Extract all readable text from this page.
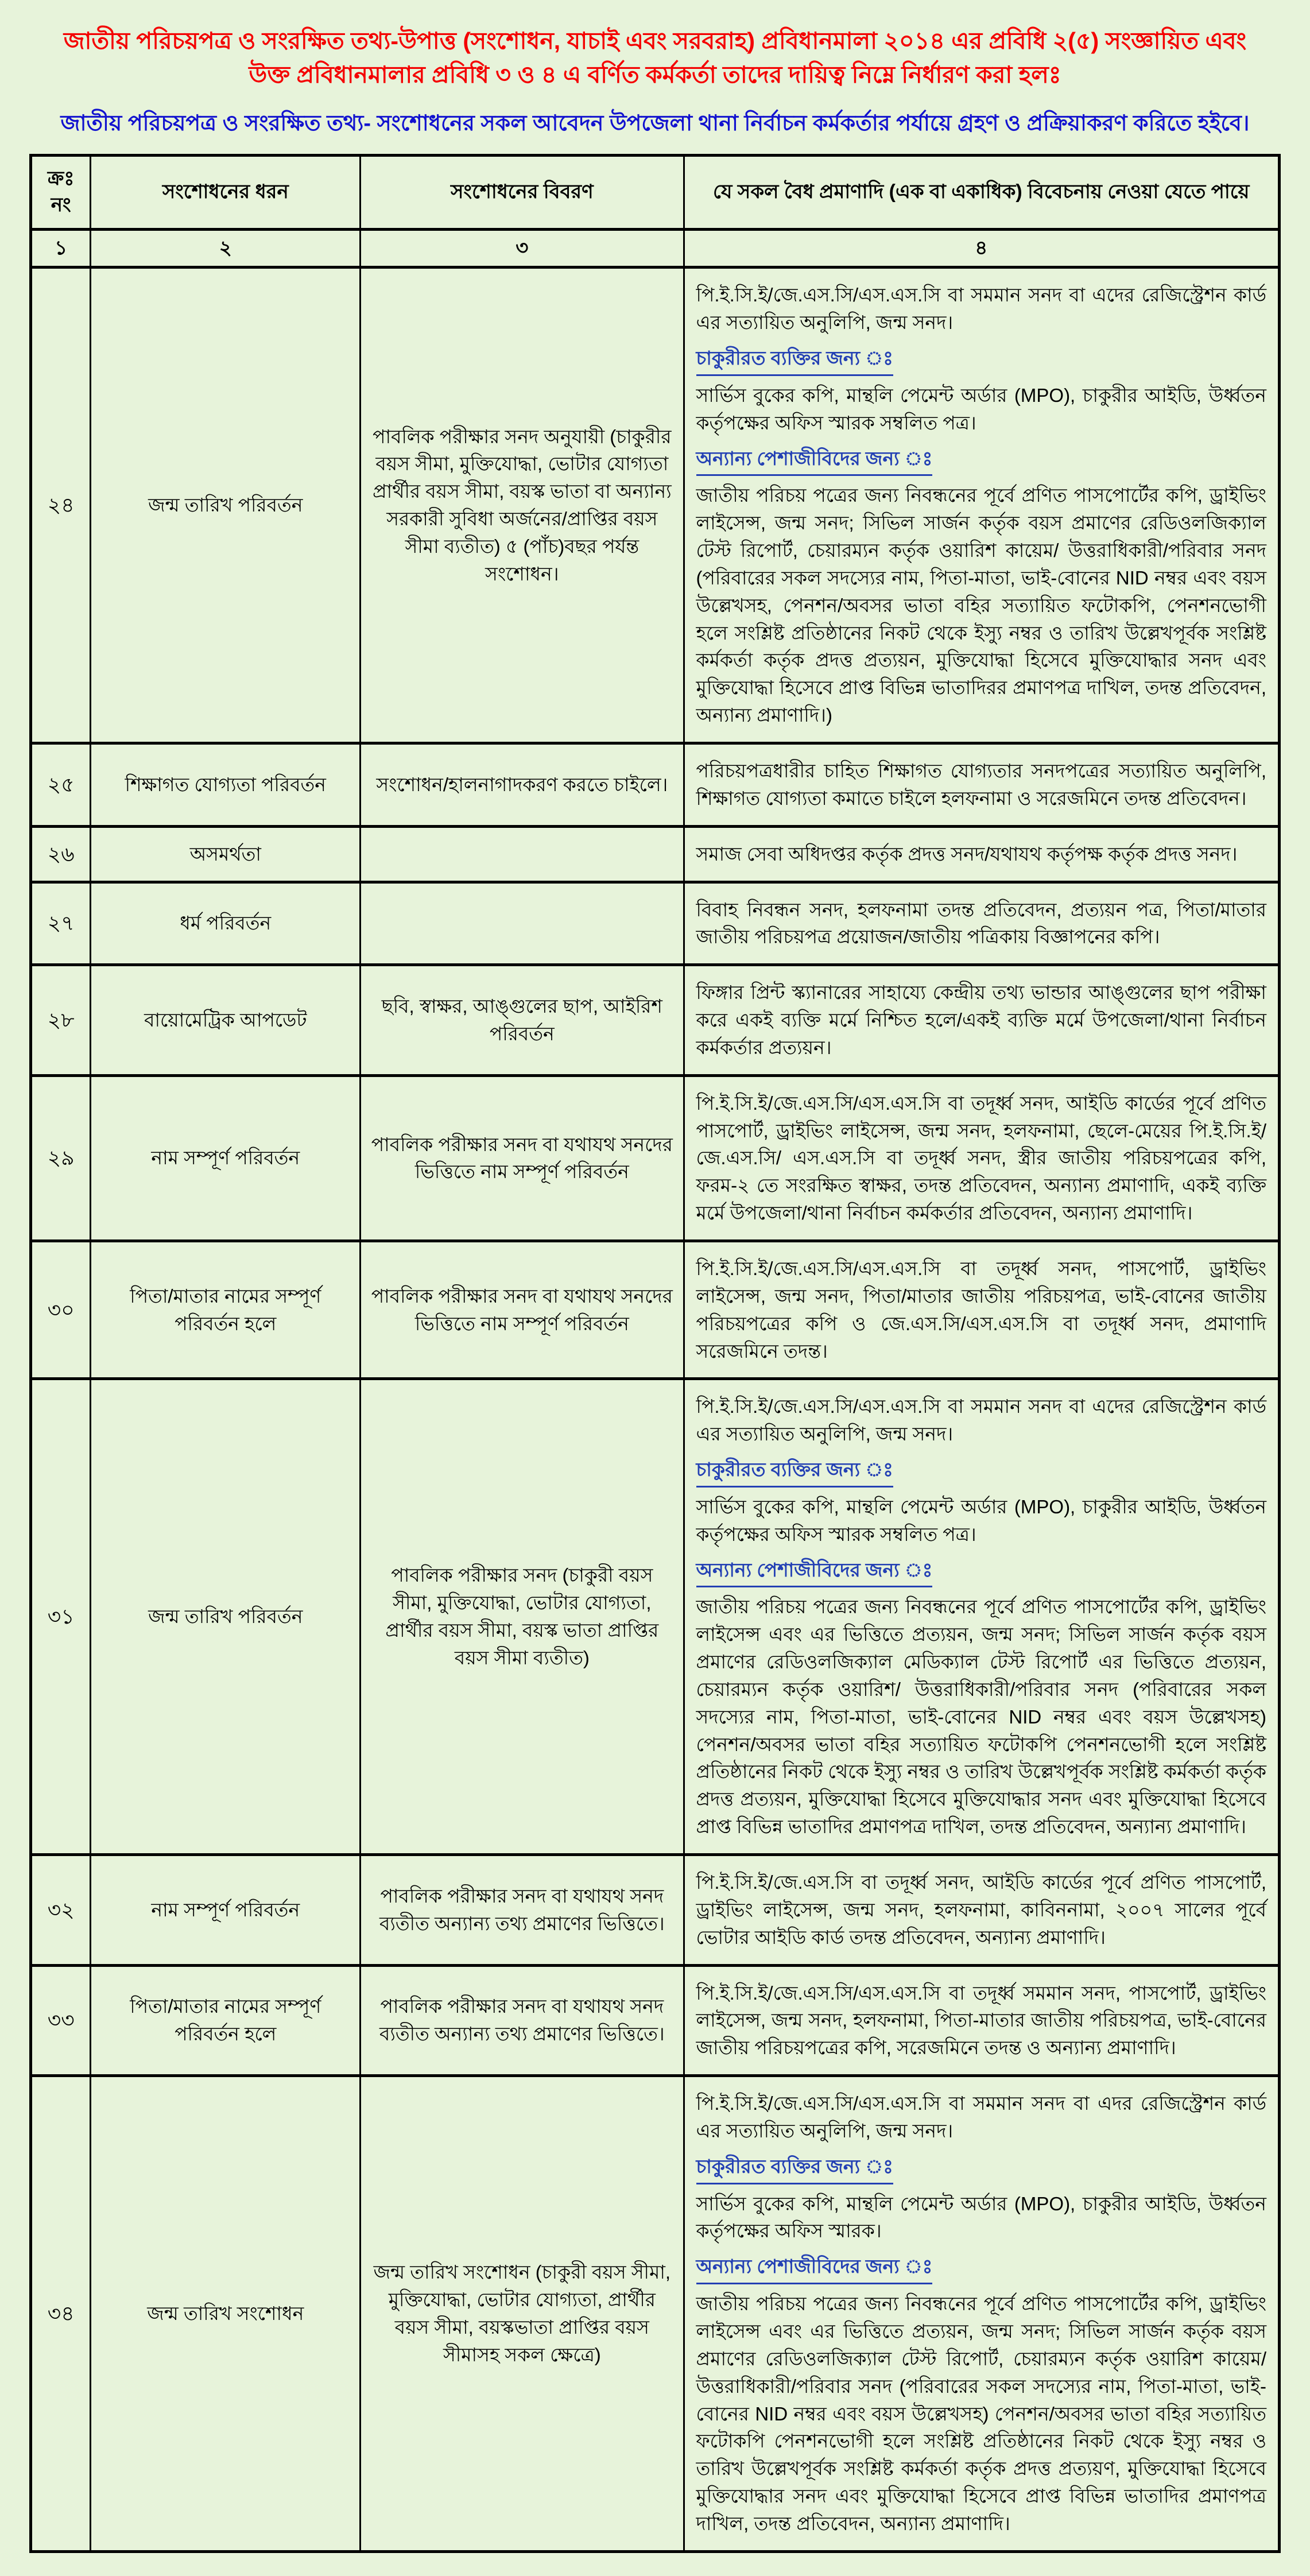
জাতীয় পরিচয়পত্র ও সংরক্ষিত তথ্য-উপাত্ত (সংশোধন, যাচাই এবং সরবরাহ) প্রবিধানমালা ২০১৪ এর প্রবিধি ২(৫) সংজ্ঞায়িত এবং
উক্ত প্রবিধানমালার প্রবিধি ৩ ও ৪ এ বর্ণিত কর্মকর্তা তাদের দায়িত্ব নিম্নে নির্ধারণ করা হলঃ
জাতীয় পরিচয়পত্র ও সংরক্ষিত তথ্য- সংশোধনের সকল আবেদন উপজেলা থানা নির্বাচন কর্মকর্তার পর্যায়ে গ্রহণ ও প্রক্রিয়াকরণ করিতে হইবে।
ক্রঃ নং	সংশোধনের ধরন	সংশোধনের বিবরণ	যে সকল বৈধ প্রমাণাদি (এক বা একাধিক) বিবেচনায় নেওয়া যেতে পায়ে
১	২	৩	৪
২৪	জন্ম তারিখ পরিবর্তন	পাবলিক পরীক্ষার সনদ অনুযায়ী (চাকুরীর বয়স সীমা, মুক্তিযোদ্ধা, ভোটার যোগ্যতা প্রার্থীর বয়স সীমা, বয়স্ক ভাতা বা অন্যান্য সরকারী সুবিধা অর্জনের/প্রাপ্তির বয়স সীমা ব্যতীত) ৫ (পাঁচ)বছর পর্যন্ত সংশোধন।	পি.ই.সি.ই/জে.এস.সি/এস.এস.সি বা সমমান সনদ বা এদের রেজিস্ট্রেশন কার্ড এর সত্যায়িত অনুলিপি, জন্ম সনদ।
চাকুরীরত ব্যক্তির জন্য ঃ
সার্ভিস বুকের কপি, মান্থলি পেমেন্ট অর্ডার (MPO), চাকুরীর আইডি, উর্ধ্বতন কর্তৃপক্ষের অফিস স্মারক সম্বলিত পত্র।
অন্যান্য পেশাজীবিদের জন্য ঃ
জাতীয় পরিচয় পত্রের জন্য নিবন্ধনের পূর্বে প্রণিত পাসপোর্টের কপি, ড্রাইভিং লাইসেন্স, জন্ম সনদ; সিভিল সার্জন কর্তৃক বয়স প্রমাণের রেডিওলজিক্যাল টেস্ট রিপোর্ট, চেয়ারম্যন কর্তৃক ওয়ারিশ কায়েম/ উত্তরাধিকারী/পরিবার সনদ (পরিবারের সকল সদস্যের নাম, পিতা-মাতা, ভাই-বোনের NID নম্বর এবং বয়স উল্লেখসহ, পেনশন/অবসর ভাতা বহির সত্যায়িত ফটোকপি, পেনশনভোগী হলে সংশ্লিষ্ট প্রতিষ্ঠানের নিকট থেকে ইস্যু নম্বর ও তারিখ উল্লেখপূর্বক সংশ্লিষ্ট কর্মকর্তা কর্তৃক প্রদত্ত প্রত্যয়ন, মুক্তিযোদ্ধা হিসেবে মুক্তিযোদ্ধার সনদ এবং মুক্তিযোদ্ধা হিসেবে প্রাপ্ত বিভিন্ন ভাতাদিরর প্রমাণপত্র দাখিল, তদন্ত প্রতিবেদন, অন্যান্য প্রমাণাদি।)

২৫	শিক্ষাগত যোগ্যতা পরিবর্তন	সংশোধন/হালনাগাদকরণ করতে চাইলে।	পরিচয়পত্রধারীর চাহিত শিক্ষাগত যোগ্যতার সনদপত্রের সত্যায়িত অনুলিপি, শিক্ষাগত যোগ্যতা কমাতে চাইলে হলফনামা ও সরেজমিনে তদন্ত প্রতিবেদন।

২৬	অসমর্থতা		সমাজ সেবা অধিদপ্তর কর্তৃক প্রদত্ত সনদ/যথাযথ কর্তৃপক্ষ কর্তৃক প্রদত্ত সনদ।

২৭	ধর্ম পরিবর্তন		বিবাহ নিবন্ধন সনদ, হলফনামা তদন্ত প্রতিবেদন, প্রত্যয়ন পত্র, পিতা/মাতার জাতীয় পরিচয়পত্র প্রয়োজন/জাতীয় পত্রিকায় বিজ্ঞাপনের কপি।

২৮	বায়োমেট্রিক আপডেট	ছবি, স্বাক্ষর, আঙ্গুলের ছাপ, আইরিশ পরিবর্তন	ফিঙ্গার প্রিন্ট স্ক্যানারের সাহায্যে কেন্দ্রীয় তথ্য ভান্ডার আঙ্গুলের ছাপ পরীক্ষা করে একই ব্যক্তি মর্মে নিশ্চিত হলে/একই ব্যক্তি মর্মে উপজেলা/থানা নির্বাচন কর্মকর্তার প্রত্যয়ন।

২৯	নাম সম্পূর্ণ পরিবর্তন	পাবলিক পরীক্ষার সনদ বা যথাযথ সনদের ভিত্তিতে নাম সম্পূর্ণ পরিবর্তন	পি.ই.সি.ই/জে.এস.সি/এস.এস.সি বা তদূর্ধ্ব সনদ, আইডি কার্ডের পূর্বে প্রণিত পাসপোর্ট, ড্রাইভিং লাইসেন্স, জন্ম সনদ, হলফনামা, ছেলে-মেয়ের পি.ই.সি.ই/ জে.এস.সি/ এস.এস.সি বা তদূর্ধ্ব সনদ, স্ত্রীর জাতীয় পরিচয়পত্রের কপি, ফরম-২ তে সংরক্ষিত স্বাক্ষর, তদন্ত প্রতিবেদন, অন্যান্য প্রমাণাদি, একই ব্যক্তি মর্মে উপজেলা/থানা নির্বাচন কর্মকর্তার প্রতিবেদন, অন্যান্য প্রমাণাদি।

৩০	পিতা/মাতার নামের সম্পূর্ণ পরিবর্তন হলে	পাবলিক পরীক্ষার সনদ বা যথাযথ সনদের ভিত্তিতে নাম সম্পূর্ণ পরিবর্তন	পি.ই.সি.ই/জে.এস.সি/এস.এস.সি বা তদূর্ধ্ব সনদ, পাসপোর্ট, ড্রাইভিং লাইসেন্স, জন্ম সনদ, পিতা/মাতার জাতীয় পরিচয়পত্র, ভাই-বোনের জাতীয় পরিচয়পত্রের কপি ও জে.এস.সি/এস.এস.সি বা তদূর্ধ্ব সনদ, প্রমাণাদি সরেজমিনে তদন্ত।

৩১	জন্ম তারিখ পরিবর্তন	পাবলিক পরীক্ষার সনদ (চাকুরী বয়স সীমা, মুক্তিযোদ্ধা, ভোটার যোগ্যতা, প্রার্থীর বয়স সীমা, বয়স্ক ভাতা প্রাপ্তির বয়স সীমা ব্যতীত)	পি.ই.সি.ই/জে.এস.সি/এস.এস.সি বা সমমান সনদ বা এদের রেজিস্ট্রেশন কার্ড এর সত্যায়িত অনুলিপি, জন্ম সনদ।
চাকুরীরত ব্যক্তির জন্য ঃ
সার্ভিস বুকের কপি, মান্থলি পেমেন্ট অর্ডার (MPO), চাকুরীর আইডি, উর্ধ্বতন কর্তৃপক্ষের অফিস স্মারক সম্বলিত পত্র।
অন্যান্য পেশাজীবিদের জন্য ঃ
জাতীয় পরিচয় পত্রের জন্য নিবন্ধনের পূর্বে প্রণিত পাসপোর্টের কপি, ড্রাইভিং লাইসেন্স এবং এর ভিত্তিতে প্রত্যয়ন, জন্ম সনদ; সিভিল সার্জন কর্তৃক বয়স প্রমাণের রেডিওলজিক্যাল মেডিক্যাল টেস্ট রিপোর্ট এর ভিত্তিতে প্রত্যয়ন, চেয়ারম্যন কর্তৃক ওয়ারিশ/ উত্তরাধিকারী/পরিবার সনদ (পরিবারের সকল সদস্যের নাম, পিতা-মাতা, ভাই-বোনের NID নম্বর এবং বয়স উল্লেখসহ) পেনশন/অবসর ভাতা বহির সত্যায়িত ফটোকপি পেনশনভোগী হলে সংশ্লিষ্ট প্রতিষ্ঠানের নিকট থেকে ইস্যু নম্বর ও তারিখ উল্লেখপূর্বক সংশ্লিষ্ট কর্মকর্তা কর্তৃক প্রদত্ত প্রত্যয়ন, মুক্তিযোদ্ধা হিসেবে মুক্তিযোদ্ধার সনদ এবং মুক্তিযোদ্ধা হিসেবে প্রাপ্ত বিভিন্ন ভাতাদির প্রমাণপত্র দাখিল, তদন্ত প্রতিবেদন, অন্যান্য প্রমাণাদি।

৩২	নাম সম্পূর্ণ পরিবর্তন	পাবলিক পরীক্ষার সনদ বা যথাযথ সনদ ব্যতীত অন্যান্য তথ্য প্রমাণের ভিত্তিতে।	পি.ই.সি.ই/জে.এস.সি বা তদূর্ধ্ব সনদ, আইডি কার্ডের পূর্বে প্রণিত পাসপোর্ট, ড্রাইভিং লাইসেন্স, জন্ম সনদ, হলফনামা, কাবিননামা, ২০০৭ সালের পূর্বে ভোটার আইডি কার্ড তদন্ত প্রতিবেদন, অন্যান্য প্রমাণাদি।

৩৩	পিতা/মাতার নামের সম্পূর্ণ পরিবর্তন হলে	পাবলিক পরীক্ষার সনদ বা যথাযথ সনদ ব্যতীত অন্যান্য তথ্য প্রমাণের ভিত্তিতে।	পি.ই.সি.ই/জে.এস.সি/এস.এস.সি বা তদূর্ধ্ব সমমান সনদ, পাসপোর্ট, ড্রাইভিং লাইসেন্স, জন্ম সনদ, হলফনামা, পিতা-মাতার জাতীয় পরিচয়পত্র, ভাই-বোনের জাতীয় পরিচয়পত্রের কপি, সরেজমিনে তদন্ত ও অন্যান্য প্রমাণাদি।

৩৪	জন্ম তারিখ সংশোধন	জন্ম তারিখ সংশোধন (চাকুরী বয়স সীমা, মুক্তিযোদ্ধা, ভোটার যোগ্যতা, প্রার্থীর বয়স সীমা, বয়স্কভাতা প্রাপ্তির বয়স সীমাসহ সকল ক্ষেত্রে)	পি.ই.সি.ই/জে.এস.সি/এস.এস.সি বা সমমান সনদ বা এদর রেজিস্ট্রেশন কার্ড এর সত্যায়িত অনুলিপি, জন্ম সনদ।
চাকুরীরত ব্যক্তির জন্য ঃ
সার্ভিস বুকের কপি, মান্থলি পেমেন্ট অর্ডার (MPO), চাকুরীর আইডি, উর্ধ্বতন কর্তৃপক্ষের অফিস স্মারক।
অন্যান্য পেশাজীবিদের জন্য ঃ
জাতীয় পরিচয় পত্রের জন্য নিবন্ধনের পূর্বে প্রণিত পাসপোর্টের কপি, ড্রাইভিং লাইসেন্স এবং এর ভিত্তিতে প্রত্যয়ন, জন্ম সনদ; সিভিল সার্জন কর্তৃক বয়স প্রমাণের রেডিওলজিক্যাল টেস্ট রিপোর্ট, চেয়ারম্যন কর্তৃক ওয়ারিশ কায়েম/ উত্তরাধিকারী/পরিবার সনদ (পরিবারের সকল সদস্যের নাম, পিতা-মাতা, ভাই-বোনের NID নম্বর এবং বয়স উল্লেখসহ) পেনশন/অবসর ভাতা বহির সত্যায়িত ফটোকপি পেনশনভোগী হলে সংশ্লিষ্ট প্রতিষ্ঠানের নিকট থেকে ইস্যু নম্বর ও তারিখ উল্লেখপূর্বক সংশ্লিষ্ট কর্মকর্তা কর্তৃক প্রদত্ত প্রত্যয়ণ, মুক্তিযোদ্ধা হিসেবে মুক্তিযোদ্ধার সনদ এবং মুক্তিযোদ্ধা হিসেবে প্রাপ্ত বিভিন্ন ভাতাদির প্রমাণপত্র দাখিল, তদন্ত প্রতিবেদন, অন্যান্য প্রমাণাদি।
